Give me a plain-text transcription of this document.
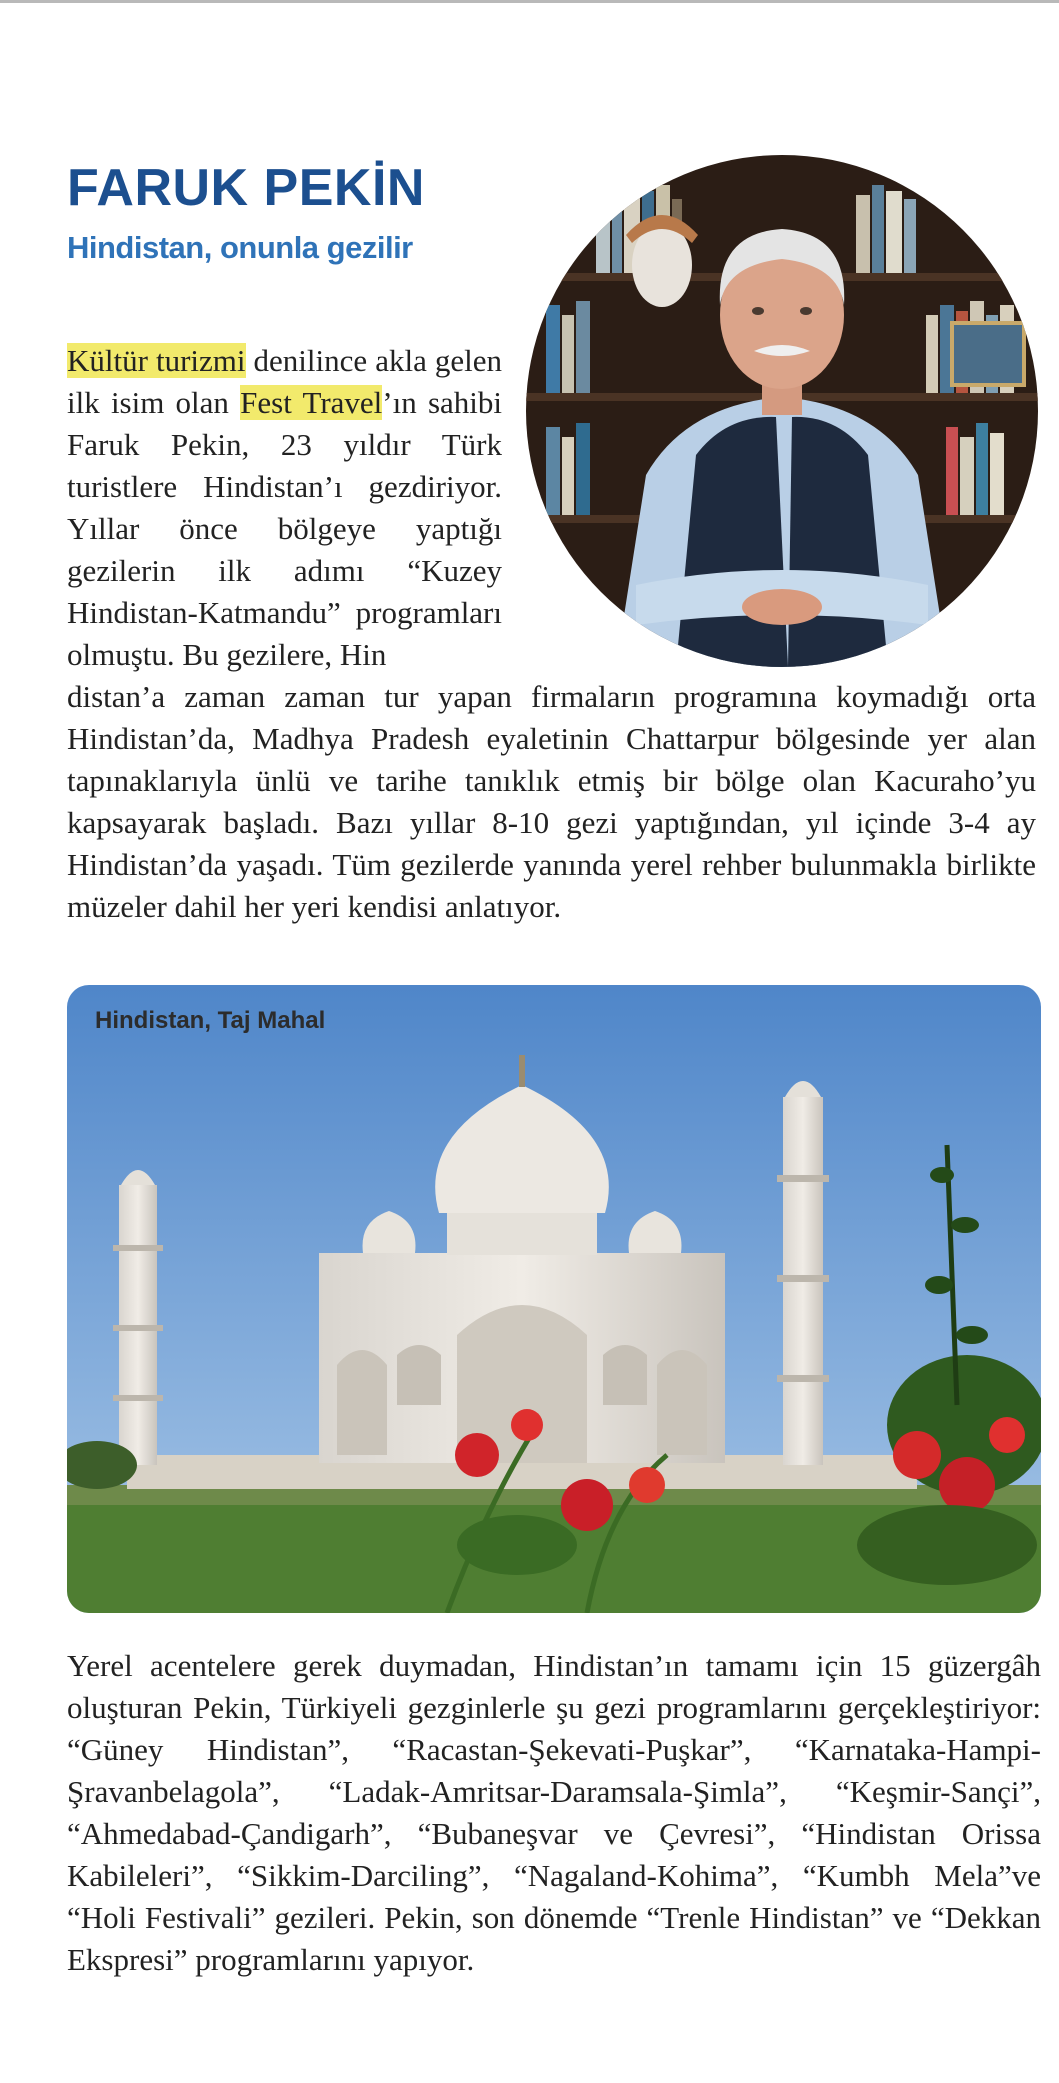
FARUK PEKİN
Hindistan, onunla gezilir

Kültür turizmi denilince akla gelen ilk isim olan Fest Travel’ın sahibi Faruk Pekin, 23 yıldır Türk turistlere Hindistan’ı gezdiriyor. Yıllar önce bölgeye yaptığı gezilerin ilk adımı “Kuzey Hindistan-Katmandu” programları olmuştu. Bu gezilere, Hin

distan’a zaman zaman tur yapan firmaların programına koymadığı orta Hindistan’da, Madhya Pradesh eyaletinin Chattarpur bölgesinde yer alan tapınaklarıyla ünlü ve tarihe tanıklık etmiş bir bölge olan Kacuraho’yu kapsayarak başladı. Bazı yıllar 8-10 gezi yaptığından, yıl içinde 3-4 ay Hindistan’da yaşadı. Tüm gezilerde yanında yerel rehber bulunmakla birlikte müzeler dahil her yeri kendisi anlatıyor.

Hindistan, Taj Mahal

Yerel acentelere gerek duymadan, Hindistan’ın tamamı için 15 güzergâh oluşturan Pekin, Türkiyeli gezginlerle şu gezi programlarını gerçekleştiriyor: “Güney Hindistan”, “Racastan-Şekevati-Puşkar”, “Karnataka-Hampi-Şravanbelagola”, “Ladak-Amritsar-Daramsala-Şimla”, “Keşmir-Sançi”, “Ahmedabad-Çandigarh”, “Bubaneşvar ve Çevresi”, “Hindistan Orissa Kabileleri”, “Sikkim-Darciling”, “Nagaland-Kohima”, “Kumbh Mela”ve “Holi Festivali” gezileri. Pekin, son dönemde “Trenle Hindistan” ve “Dekkan Ekspresi” programlarını yapıyor.
